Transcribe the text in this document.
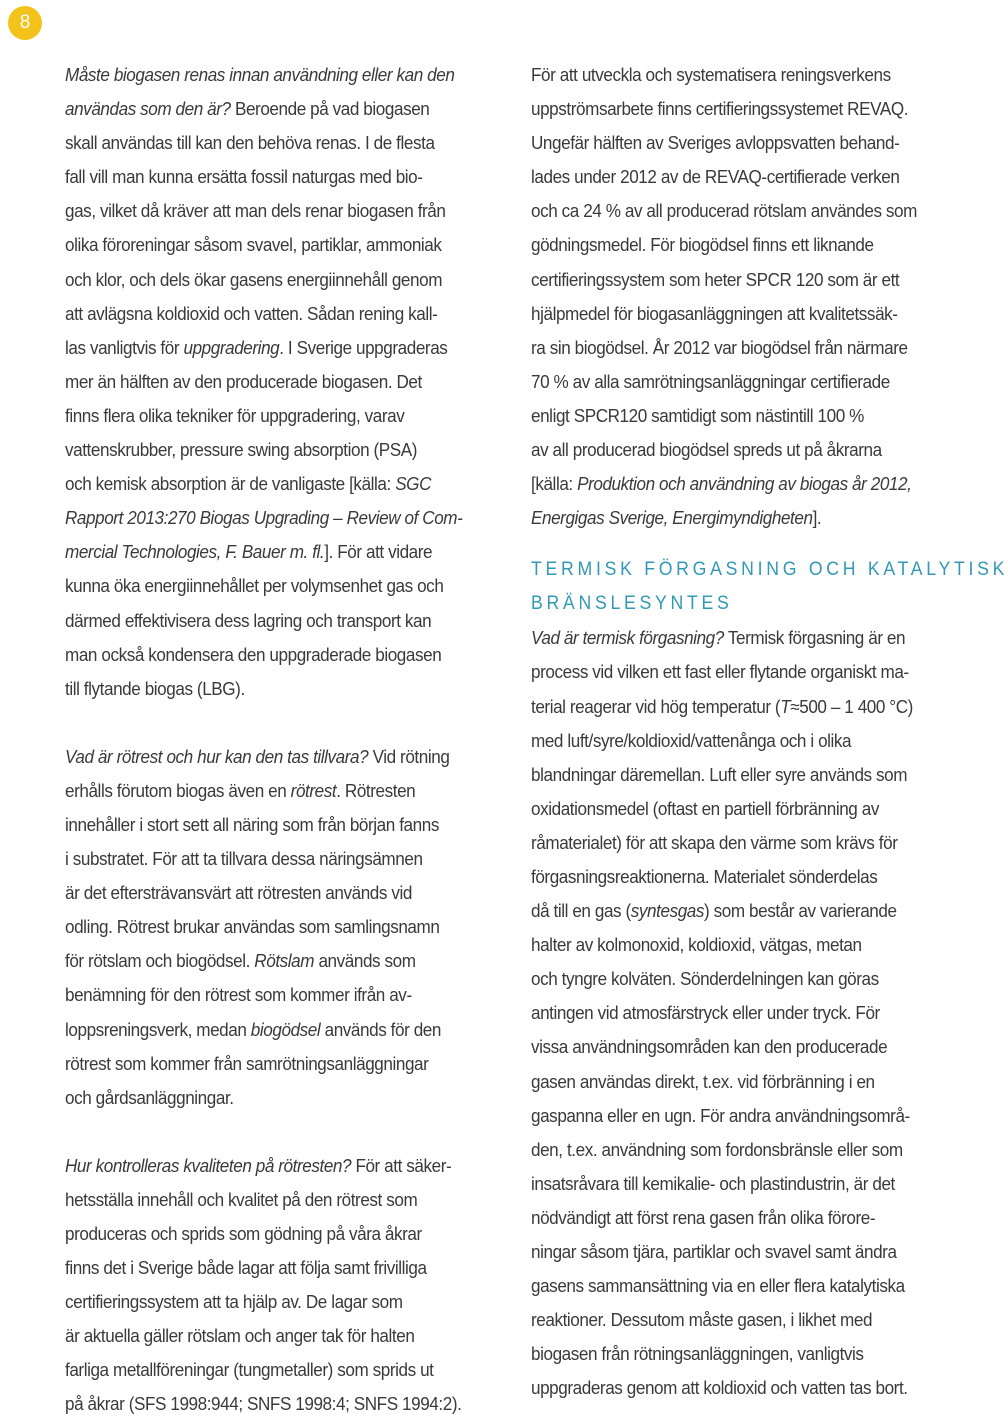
8
Måste biogasen renas innan användning eller kan den
användas som den är? Beroende på vad biogasen
skall användas till kan den behöva renas. I de flesta
fall vill man kunna ersätta fossil naturgas med bio-
gas, vilket då kräver att man dels renar biogasen från
olika föroreningar såsom svavel, partiklar, ammoniak
och klor, och dels ökar gasens energiinnehåll genom
att avlägsna koldioxid och vatten. Sådan rening kall-
las vanligtvis för uppgradering. I Sverige uppgraderas
mer än hälften av den producerade biogasen. Det
finns flera olika tekniker för uppgradering, varav
vattenskrubber, pressure swing absorption (PSA)
och kemisk absorption är de vanligaste [källa: SGC
Rapport 2013:270 Biogas Upgrading – Review of Com-
mercial Technologies, F. Bauer m. fl.]. För att vidare
kunna öka energiinnehållet per volymsenhet gas och
därmed effektivisera dess lagring och transport kan
man också kondensera den uppgraderade biogasen
till flytande biogas (LBG).
Vad är rötrest och hur kan den tas tillvara? Vid rötning
erhålls förutom biogas även en rötrest. Rötresten
innehåller i stort sett all näring som från början fanns
i substratet. För att ta tillvara dessa näringsämnen
är det eftersträvansvärt att rötresten används vid
odling. Rötrest brukar användas som samlingsnamn
för rötslam och biogödsel. Rötslam används som
benämning för den rötrest som kommer ifrån av-
loppsreningsverk, medan biogödsel används för den
rötrest som kommer från samrötningsanläggningar
och gårdsanläggningar.
Hur kontrolleras kvaliteten på rötresten? För att säker-
hetsställa innehåll och kvalitet på den rötrest som
produceras och sprids som gödning på våra åkrar
finns det i Sverige både lagar att följa samt frivilliga
certifieringssystem att ta hjälp av. De lagar som
är aktuella gäller rötslam och anger tak för halten
farliga metallföreningar (tungmetaller) som sprids ut
på åkrar (SFS 1998:944; SNFS 1998:4; SNFS 1994:2).
För att utveckla och systematisera reningsverkens
uppströmsarbete finns certifieringssystemet REVAQ.
Ungefär hälften av Sveriges avloppsvatten behand-
lades under 2012 av de REVAQ-certifierade verken
och ca 24 % av all producerad rötslam användes som
gödningsmedel. För biogödsel finns ett liknande
certifieringssystem som heter SPCR 120 som är ett
hjälpmedel för biogasanläggningen att kvalitetssäk-
ra sin biogödsel. År 2012 var biogödsel från närmare
70 % av alla samrötningsanläggningar certifierade
enligt SPCR120 samtidigt som nästintill 100 %
av all producerad biogödsel spreds ut på åkrarna
[källa: Produktion och användning av biogas år 2012,
Energigas Sverige, Energimyndigheten].
TERMISK FÖRGASNING OCH KATALYTISK
BRÄNSLESYNTES
Vad är termisk förgasning? Termisk förgasning är en
process vid vilken ett fast eller flytande organiskt ma-
terial reagerar vid hög temperatur (T≈500 – 1 400 °C)
med luft/syre/koldioxid/vattenånga och i olika
blandningar däremellan. Luft eller syre används som
oxidationsmedel (oftast en partiell förbränning av
råmaterialet) för att skapa den värme som krävs för
förgasningsreaktionerna. Materialet sönderdelas
då till en gas (syntesgas) som består av varierande
halter av kolmonoxid, koldioxid, vätgas, metan
och tyngre kolväten. Sönderdelningen kan göras
antingen vid atmosfärstryck eller under tryck. För
vissa användningsområden kan den producerade
gasen användas direkt, t.ex. vid förbränning i en
gaspanna eller en ugn. För andra användningsområ-
den, t.ex. användning som fordonsbränsle eller som
insatsråvara till kemikalie- och plastindustrin, är det
nödvändigt att först rena gasen från olika förore-
ningar såsom tjära, partiklar och svavel samt ändra
gasens sammansättning via en eller flera katalytiska
reaktioner. Dessutom måste gasen, i likhet med
biogasen från rötningsanläggningen, vanligtvis
uppgraderas genom att koldioxid och vatten tas bort.
